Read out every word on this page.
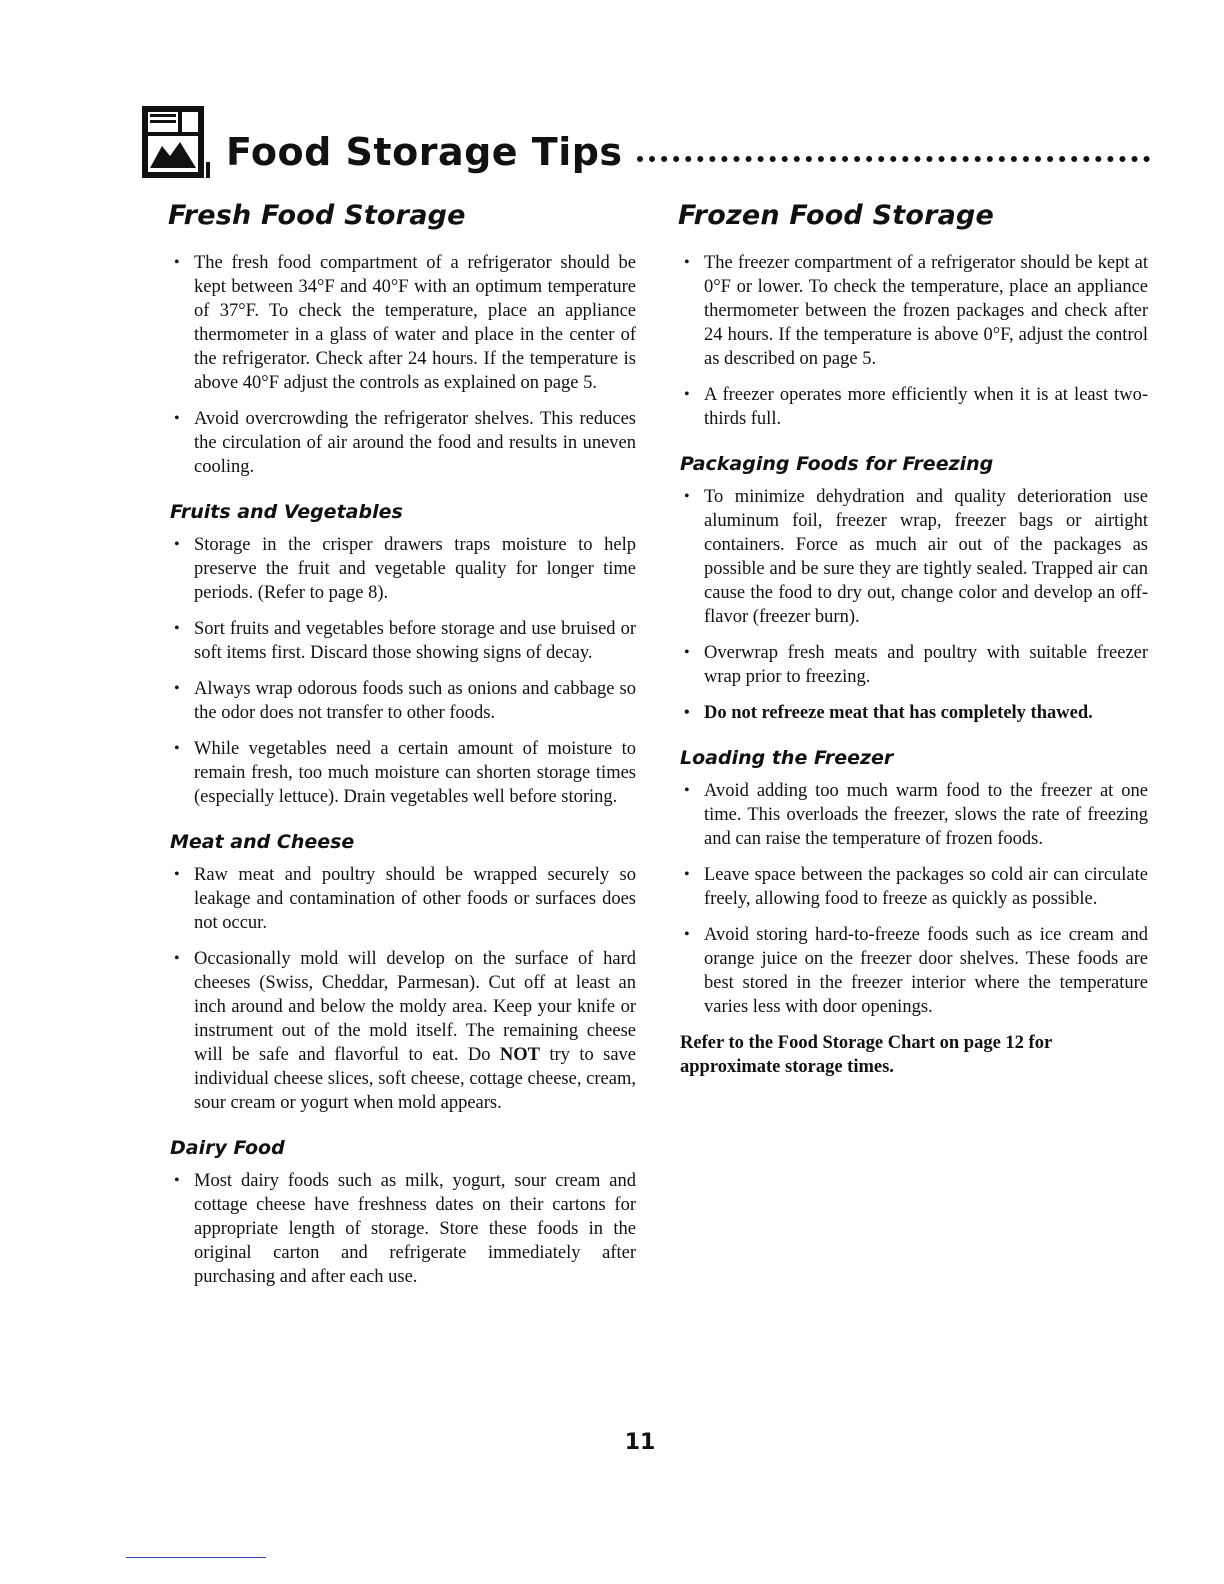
Food Storage Tips
Fresh Food Storage
• The fresh food compartment of a refrigerator should be kept between 34°F and 40°F with an optimum temperature of 37°F. To check the temperature, place an appliance thermometer in a glass of water and place in the center of the refrigerator. Check after 24 hours. If the temperature is above 40°F adjust the controls as explained on page 5.
• Avoid overcrowding the refrigerator shelves. This reduces the circulation of air around the food and results in uneven cooling.
Fruits and Vegetables
• Storage in the crisper drawers traps moisture to help preserve the fruit and vegetable quality for longer time periods. (Refer to page 8).
• Sort fruits and vegetables before storage and use bruised or soft items first. Discard those showing signs of decay.
• Always wrap odorous foods such as onions and cabbage so the odor does not transfer to other foods.
• While vegetables need a certain amount of moisture to remain fresh, too much moisture can shorten storage times (especially lettuce). Drain vegetables well before storing.
Meat and Cheese
• Raw meat and poultry should be wrapped securely so leakage and contamination of other foods or surfaces does not occur.
• Occasionally mold will develop on the surface of hard cheeses (Swiss, Cheddar, Parmesan). Cut off at least an inch around and below the moldy area. Keep your knife or instrument out of the mold itself. The remaining cheese will be safe and flavorful to eat. Do NOT try to save individual cheese slices, soft cheese, cottage cheese, cream, sour cream or yogurt when mold appears.
Dairy Food
• Most dairy foods such as milk, yogurt, sour cream and cottage cheese have freshness dates on their cartons for appropriate length of storage. Store these foods in the original carton and refrigerate immediately after purchasing and after each use.
Frozen Food Storage
• The freezer compartment of a refrigerator should be kept at 0°F or lower. To check the temperature, place an appliance thermometer between the frozen packages and check after 24 hours. If the temperature is above 0°F, adjust the control as described on page 5.
• A freezer operates more efficiently when it is at least two-thirds full.
Packaging Foods for Freezing
• To minimize dehydration and quality deterioration use aluminum foil, freezer wrap, freezer bags or airtight containers. Force as much air out of the packages as possible and be sure they are tightly sealed. Trapped air can cause the food to dry out, change color and develop an off-flavor (freezer burn).
• Overwrap fresh meats and poultry with suitable freezer wrap prior to freezing.
• Do not refreeze meat that has completely thawed.
Loading the Freezer
• Avoid adding too much warm food to the freezer at one time. This overloads the freezer, slows the rate of freezing and can raise the temperature of frozen foods.
• Leave space between the packages so cold air can circulate freely, allowing food to freeze as quickly as possible.
• Avoid storing hard-to-freeze foods such as ice cream and orange juice on the freezer door shelves. These foods are best stored in the freezer interior where the temperature varies less with door openings.

Refer to the Food Storage Chart on page 12 for approximate storage times.

11
